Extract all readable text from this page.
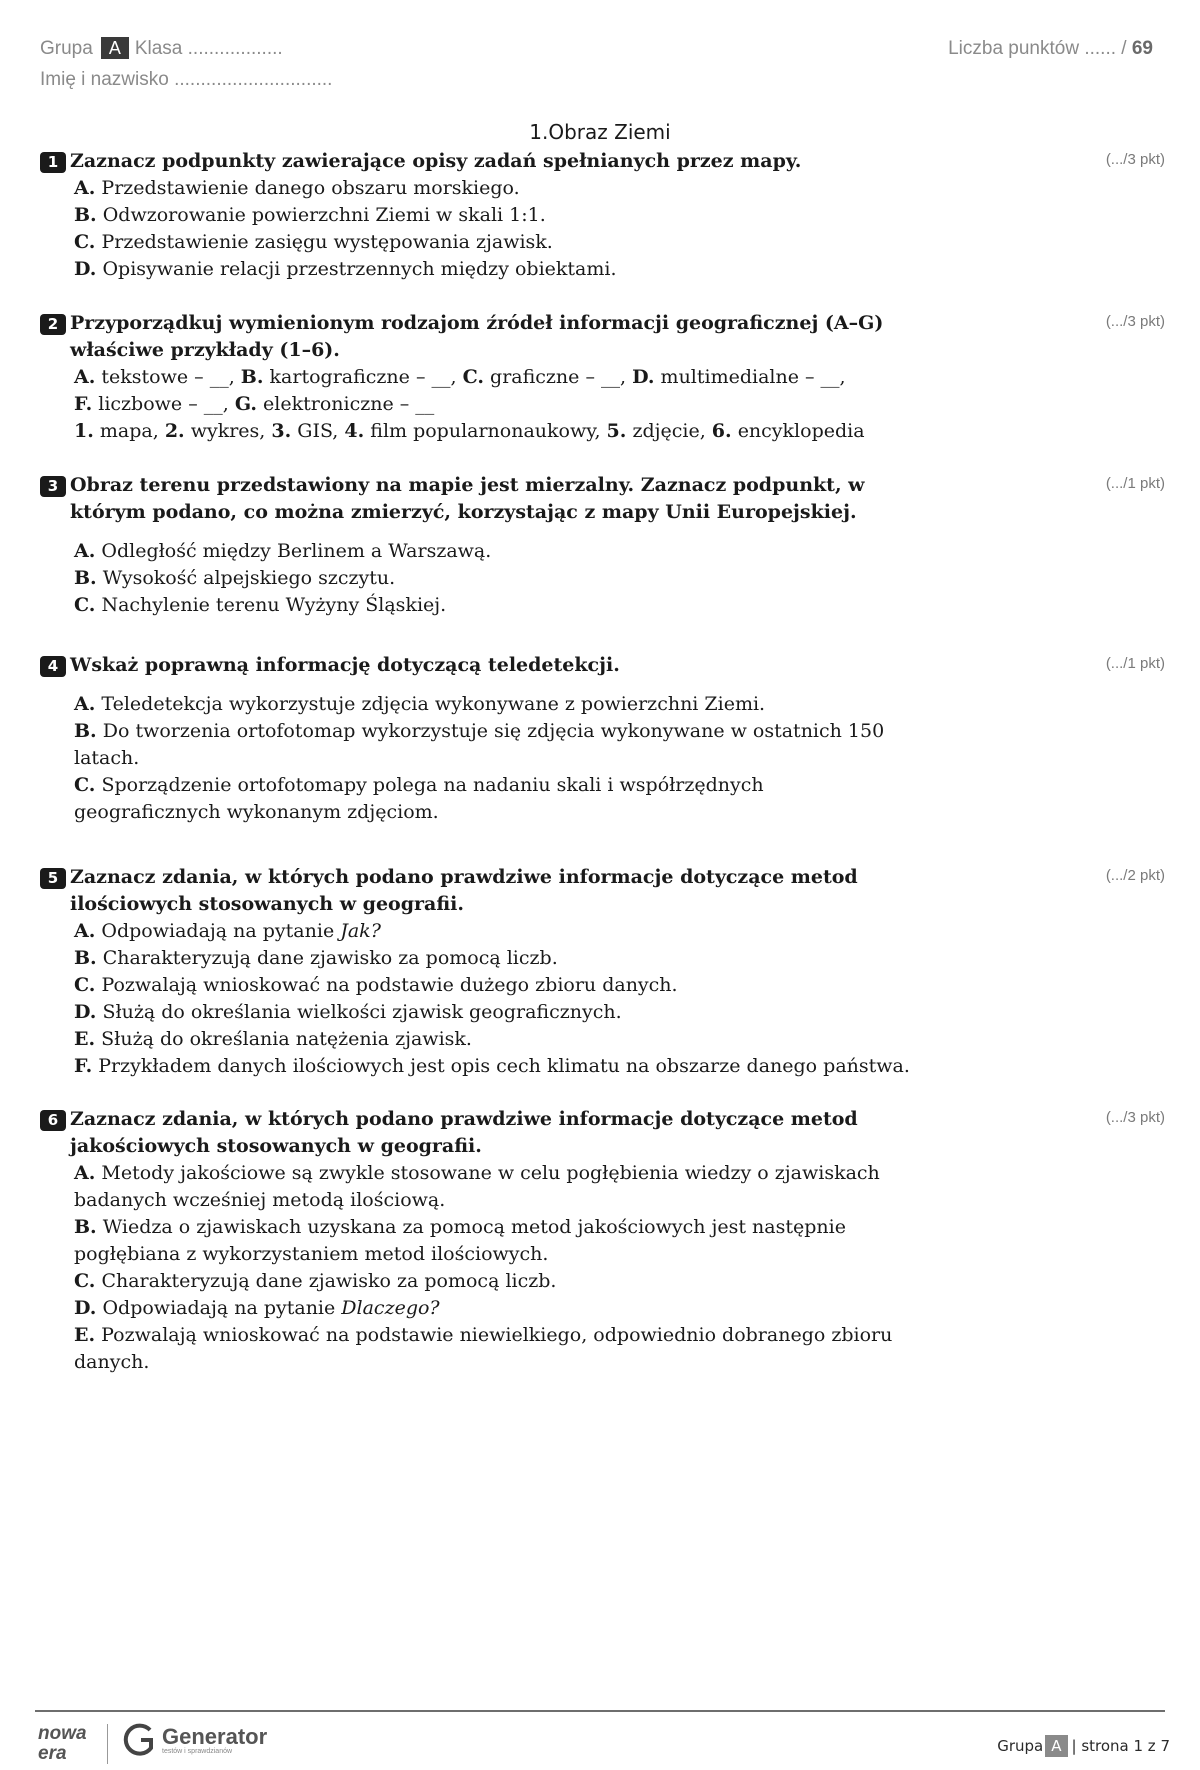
Grupa A Klasa ..................
Imię i nazwisko ..............................
Liczba punktów ...... / 69
1.Obraz Ziemi
1 Zaznacz podpunkty zawierające opisy zadań spełnianych przez mapy.	(.../3 pkt)
A. Przedstawienie danego obszaru morskiego.
B. Odwzorowanie powierzchni Ziemi w skali 1:1.
C. Przedstawienie zasięgu występowania zjawisk.
D. Opisywanie relacji przestrzennych między obiektami.
2 Przyporządkuj wymienionym rodzajom źródeł informacji geograficznej (A–G) właściwe przykłady (1–6).
(.../3 pkt)
A. tekstowe – __, B. kartograficzne – __, C. graficzne – __, D. multimedialne – __,
F. liczbowe – __, G. elektroniczne – __
1. mapa, 2. wykres, 3. GIS, 4. film popularnonaukowy, 5. zdjęcie, 6. encyklopedia
3 Obraz terenu przedstawiony na mapie jest mierzalny. Zaznacz podpunkt, w którym podano, co można zmierzyć, korzystając z mapy Unii Europejskiej.
(.../1 pkt)
A. Odległość między Berlinem a Warszawą.
B. Wysokość alpejskiego szczytu.
C. Nachylenie terenu Wyżyny Śląskiej.
4 Wskaż poprawną informację dotyczącą teledetekcji.	(.../1 pkt)
A. Teledetekcja wykorzystuje zdjęcia wykonywane z powierzchni Ziemi.
B. Do tworzenia ortofotomap wykorzystuje się zdjęcia wykonywane w ostatnich 150 latach.
C. Sporządzenie ortofotomapy polega na nadaniu skali i współrzędnych geograficznych wykonanym zdjęciom.
5 Zaznacz zdania, w których podano prawdziwe informacje dotyczące metod ilościowych stosowanych w geografii.
(.../2 pkt)
A. Odpowiadają na pytanie Jak?
B. Charakteryzują dane zjawisko za pomocą liczb.
C. Pozwalają wnioskować na podstawie dużego zbioru danych.
D. Służą do określania wielkości zjawisk geograficznych.
E. Służą do określania natężenia zjawisk.
F. Przykładem danych ilościowych jest opis cech klimatu na obszarze danego państwa.
6 Zaznacz zdania, w których podano prawdziwe informacje dotyczące metod jakościowych stosowanych w geografii.
(.../3 pkt)
A. Metody jakościowe są zwykle stosowane w celu pogłębienia wiedzy o zjawiskach badanych wcześniej metodą ilościową.
B. Wiedza o zjawiskach uzyskana za pomocą metod jakościowych jest następnie pogłębiana z wykorzystaniem metod ilościowych.
C. Charakteryzują dane zjawisko za pomocą liczb.
D. Odpowiadają na pytanie Dlaczego?
E. Pozwalają wnioskować na podstawie niewielkiego, odpowiednio dobranego zbioru danych.
nowa
era
Generator
testów i sprawdzianów	Grupa A | strona 1 z 7
